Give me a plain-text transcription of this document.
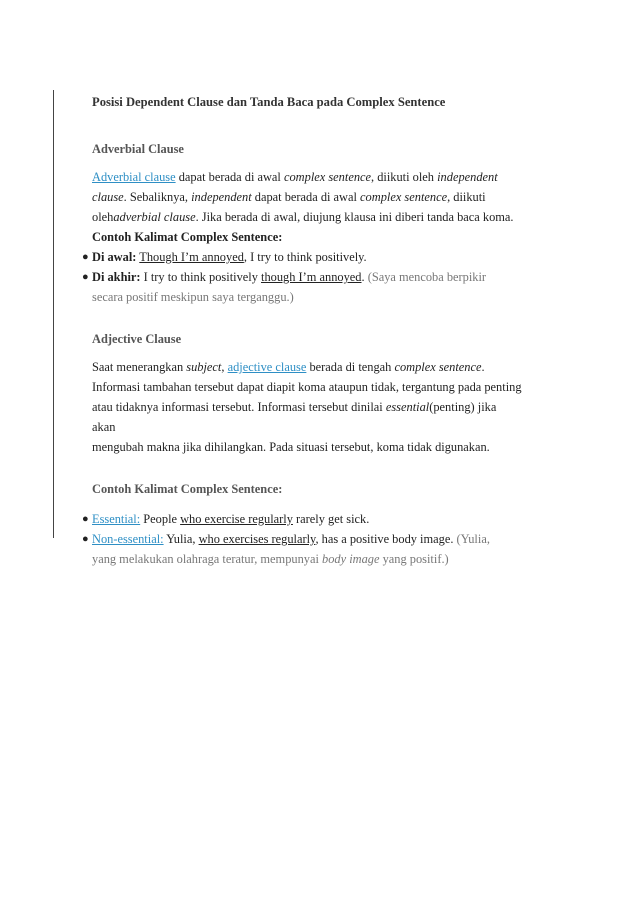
Posisi Dependent Clause dan Tanda Baca pada Complex Sentence

Adverbial Clause

Adverbial clause dapat berada di awal complex sentence, diikuti oleh independent

clause. Sebaliknya, independent dapat berada di awal complex sentence, diikuti

olehadverbial clause. Jika berada di awal, diujung klausa ini diberi tanda baca koma.

Contoh Kalimat Complex Sentence:

● Di awal: Though I’m annoyed, I try to think positively.
● Di akhir: I try to think positively though I’m annoyed. (Saya mencoba berpikir
secara positif meskipun saya terganggu.)

Adjective Clause

Saat menerangkan subject, adjective clause berada di tengah complex sentence.

Informasi tambahan tersebut dapat diapit koma ataupun tidak, tergantung pada penting

atau tidaknya informasi tersebut. Informasi tersebut dinilai essential(penting) jika akan

mengubah makna jika dihilangkan. Pada situasi tersebut, koma tidak digunakan.

Contoh Kalimat Complex Sentence:

● Essential: People who exercise regularly rarely get sick.
● Non-essential: Yulia, who exercises regularly, has a positive body image. (Yulia,
yang melakukan olahraga teratur, mempunyai body image yang positif.)
